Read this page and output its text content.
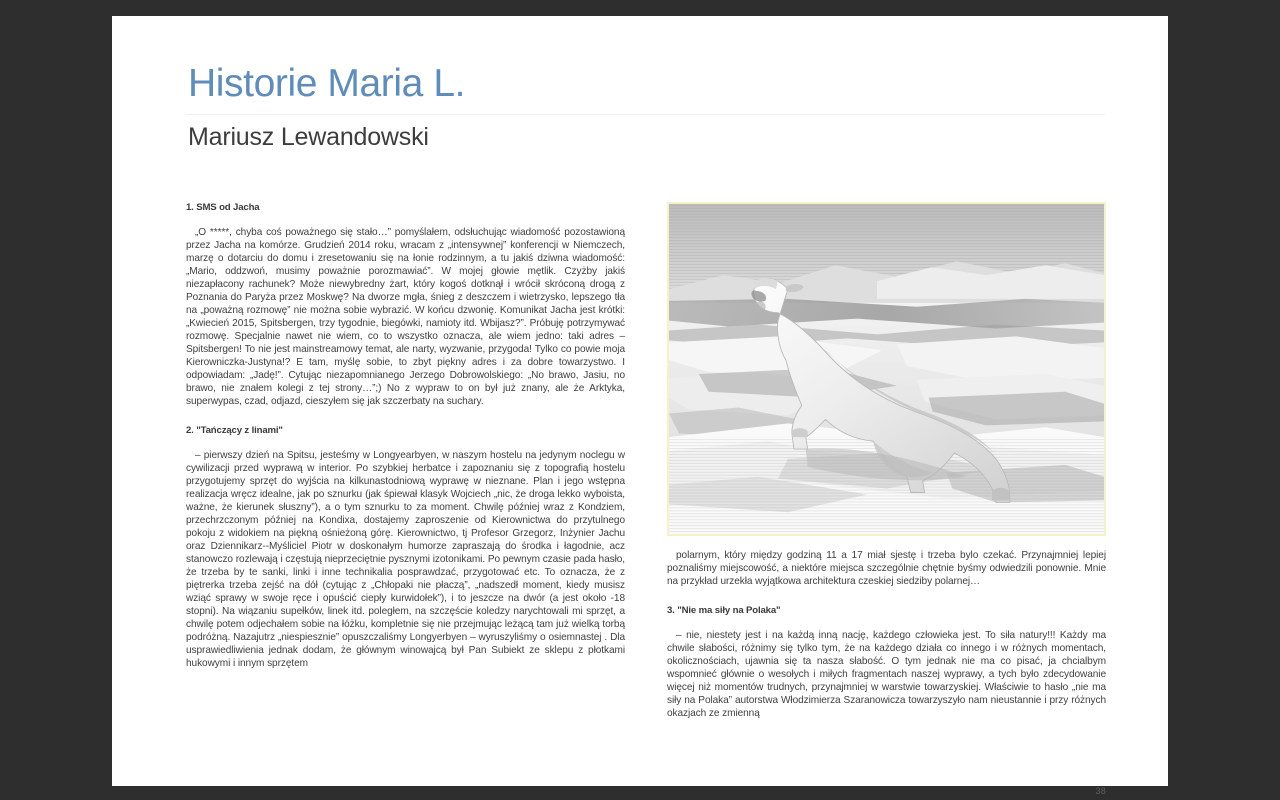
Historie Maria L.
Mariusz Lewandowski
1. SMS od Jacha

„O *****, chyba coś poważnego się stało…” pomyślałem, odsłuchując wiadomość pozostawioną przez Jacha na komórze. Grudzień 2014 roku, wracam z „intensywnej” konferencji w Niemczech, marzę o dotarciu do domu i zresetowaniu się na łonie rodzinnym, a tu jakiś dziwna wiadomość: „Mario, oddzwoń, musimy poważnie porozmawiać”. W mojej głowie mętlik. Czyżby jakiś niezapłacony rachunek? Może niewybredny żart, który kogoś dotknął i wrócił skróconą drogą z Poznania do Paryża przez Moskwę? Na dworze mgła, śnieg z deszczem i wietrzysko, lepszego tła na „poważną rozmowę” nie można sobie wybrazić. W końcu dzwonię. Komunikat Jacha jest krótki: „Kwiecień 2015, Spitsbergen, trzy tygodnie, biegówki, namioty itd. Wbijasz?”. Próbuję potrzymywać rozmowę. Specjalnie nawet nie wiem, co to wszystko oznacza, ale wiem jedno: taki adres – Spitsbergen! To nie jest mainstreamowy temat, ale narty, wyzwanie, przygoda! Tylko co powie moja Kierowniczka-Justyna!? E tam, myślę sobie, to zbyt piękny adres i za dobre towarzystwo. I odpowiadam: „Jadę!”. Cytując niezapomnianego Jerzego Dobrowolskiego: „No brawo, Jasiu, no brawo, nie znałem kolegi z tej strony…”;) No z wypraw to on był już znany, ale że Arktyka, superwypas, czad, odjazd, cieszyłem się jak szczerbaty na suchary.

2. "Tańczący z linami"

– pierwszy dzień na Spitsu, jesteśmy w Longyearbyen, w naszym hostelu na jedynym noclegu w cywilizacji przed wyprawą w interior. Po szybkiej herbatce i zapoznaniu się z topografią hostelu przygotujemy sprzęt do wyjścia na kilkunastodniową wyprawę w nieznane. Plan i jego wstępna realizacja wręcz idealne, jak po sznurku (jak śpiewał klasyk Wojciech „nic, że droga lekko wyboista, ważne, że kierunek słuszny”), a o tym sznurku to za moment. Chwilę później wraz z Kondziem, przechrzczonym później na Kondixa, dostajemy zaproszenie od Kierownictwa do przytulnego pokoju z widokiem na piękną ośnieżoną górę. Kierownictwo, tj Profesor Grzegorz, Inżynier Jachu oraz Dziennikarz--Myśliciel Piotr w doskonałym humorze zapraszają do środka i łagodnie, acz stanowczo rozlewają i częstują nieprzeciętnie pysznymi izotonikami. Po pewnym czasie pada hasło, że trzeba by te sanki, linki i inne technikalia posprawdzać, przygotować etc. To oznacza, że z piętrerka trzeba zejść na dół (cytując z „Chłopaki nie płaczą”, „nadszedł moment, kiedy musisz wziąć sprawy w swoje ręce i opuścić ciepły kurwidołek”), i to jeszcze na dwór (a jest około -18 stopni). Na wiązaniu supełków, linek itd. poległem, na szczęście koledzy narychtowali mi sprzęt, a chwilę potem odjechałem sobie na łóżku, kompletnie się nie przejmując leżącą tam już wielką torbą podróżną. Nazajutrz „niespiesznie” opuszczaliśmy Longyerbyen – wyruszyliśmy o osiemnastej . Dla usprawiedliwienia jednak dodam, że głównym winowajcą był Pan Subiekt ze sklepu z płotkami hukowymi i innym sprzętem

polarnym, który między godziną 11 a 17 miał sjestę i trzeba bylo czekać. Przynajmniej lepiej poznaliśmy miejscowość, a niektóre miejsca szczególnie chętnie byśmy odwiedzili ponownie. Mnie na przykład urzekła wyjątkowa architektura czeskiej siedziby polarnej…

3. "Nie ma siły na Polaka"

– nie, niestety jest i na każdą inną nację, każdego człowieka jest. To siła natury!!! Każdy ma chwile słabości, różnimy się tylko tym, że na każdego działa co innego i w różnych momentach, okolicznościach, ujawnia się ta nasza słabość. O tym jednak nie ma co pisać, ja chcialbym wspomnieć głównie o wesołych i miłych fragmentach naszej wyprawy, a tych było zdecydowanie więcej niż momentów trudnych, przynajmniej w warstwie towarzyskiej. Właściwie to hasło „nie ma siły na Polaka” autorstwa Włodzimierza Szaranowicza towarzyszyło nam nieustannie i przy różnych okazjach ze zmienną

38
